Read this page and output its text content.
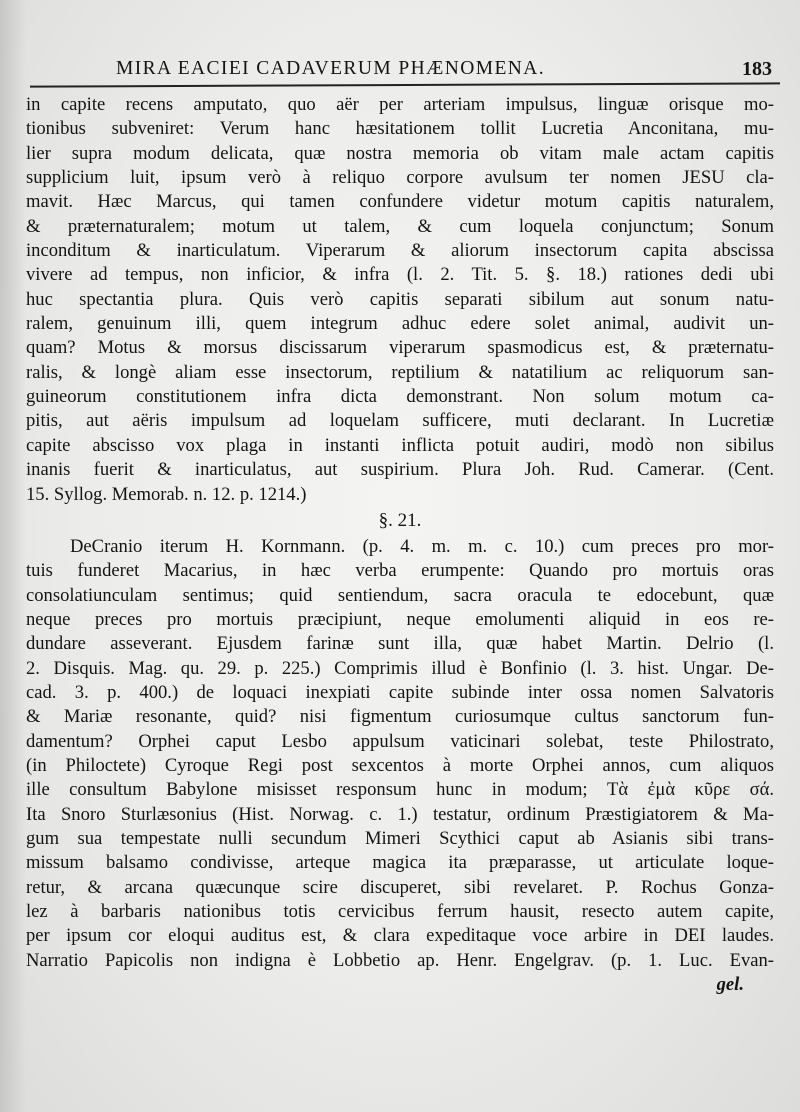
MIRA EACIEI CADAVERUM PHÆNOMENA.	183
in capite recens amputato, quo aër per arteriam impulsus, linguæ orisque mo-
tionibus subveniret: Verum hanc hæsitationem tollit Lucretia Anconitana, mu-
lier supra modum delicata, quæ nostra memoria ob vitam male actam capitis
supplicium luit, ipsum verò à reliquo corpore avulsum ter nomen JESU cla-
mavit. Hæc Marcus, qui tamen confundere videtur motum capitis naturalem,
& præternaturalem; motum ut talem, & cum loquela conjunctum; Sonum
inconditum & inarticulatum. Viperarum & aliorum insectorum capita abscissa
vivere ad tempus, non inficior, & infra (l. 2. Tit. 5. §. 18.) rationes dedi ubi
huc spectantia plura. Quis verò capitis separati sibilum aut sonum natu-
ralem, genuinum illi, quem integrum adhuc edere solet animal, audivit un-
quam? Motus & morsus discissarum viperarum spasmodicus est, & præternatu-
ralis, & longè aliam esse insectorum, reptilium & natatilium ac reliquorum san-
guineorum constitutionem infra dicta demonstrant. Non solum motum ca-
pitis, aut aëris impulsum ad loquelam sufficere, muti declarant. In Lucretiæ
capite abscisso vox plaga in instanti inflicta potuit audiri, modò non sibilus
inanis fuerit & inarticulatus, aut suspirium. Plura Joh. Rud. Camerar. (Cent.
15. Syllog. Memorab. n. 12. p. 1214.)
§. 21.
DeCranio iterum H. Kornmann. (p. 4. m. m. c. 10.) cum preces pro mor-
tuis funderet Macarius, in hæc verba erumpente: Quando pro mortuis oras
consolatiunculam sentimus; quid sentiendum, sacra oracula te edocebunt, quæ
neque preces pro mortuis præcipiunt, neque emolumenti aliquid in eos re-
dundare asseverant. Ejusdem farinæ sunt illa, quæ habet Martin. Delrio (l.
2. Disquis. Mag. qu. 29. p. 225.) Comprimis illud è Bonfinio (l. 3. hist. Ungar. De-
cad. 3. p. 400.) de loquaci inexpiati capite subinde inter ossa nomen Salvatoris
& Mariæ resonante, quid? nisi figmentum curiosumque cultus sanctorum fun-
damentum? Orphei caput Lesbo appulsum vaticinari solebat, teste Philostrato,
(in Philoctete) Cyroque Regi post sexcentos à morte Orphei annos, cum aliquos
ille consultum Babylone misisset responsum hunc in modum; Τὰ ἐμὰ κῦρε σά.
Ita Snoro Sturlæsonius (Hist. Norwag. c. 1.) testatur, ordinum Præstigiatorem & Ma-
gum sua tempestate nulli secundum Mimeri Scythici caput ab Asianis sibi trans-
missum balsamo condivisse, arteque magica ita præparasse, ut articulate loque-
retur, & arcana quæcunque scire discuperet, sibi revelaret. P. Rochus Gonza-
lez à barbaris nationibus totis cervicibus ferrum hausit, resecto autem capite,
per ipsum cor eloqui auditus est, & clara expeditaque voce arbire in DEI laudes.
Narratio Papicolis non indigna è Lobbetio ap. Henr. Engelgrav. (p. 1. Luc. Evan-
gel.
